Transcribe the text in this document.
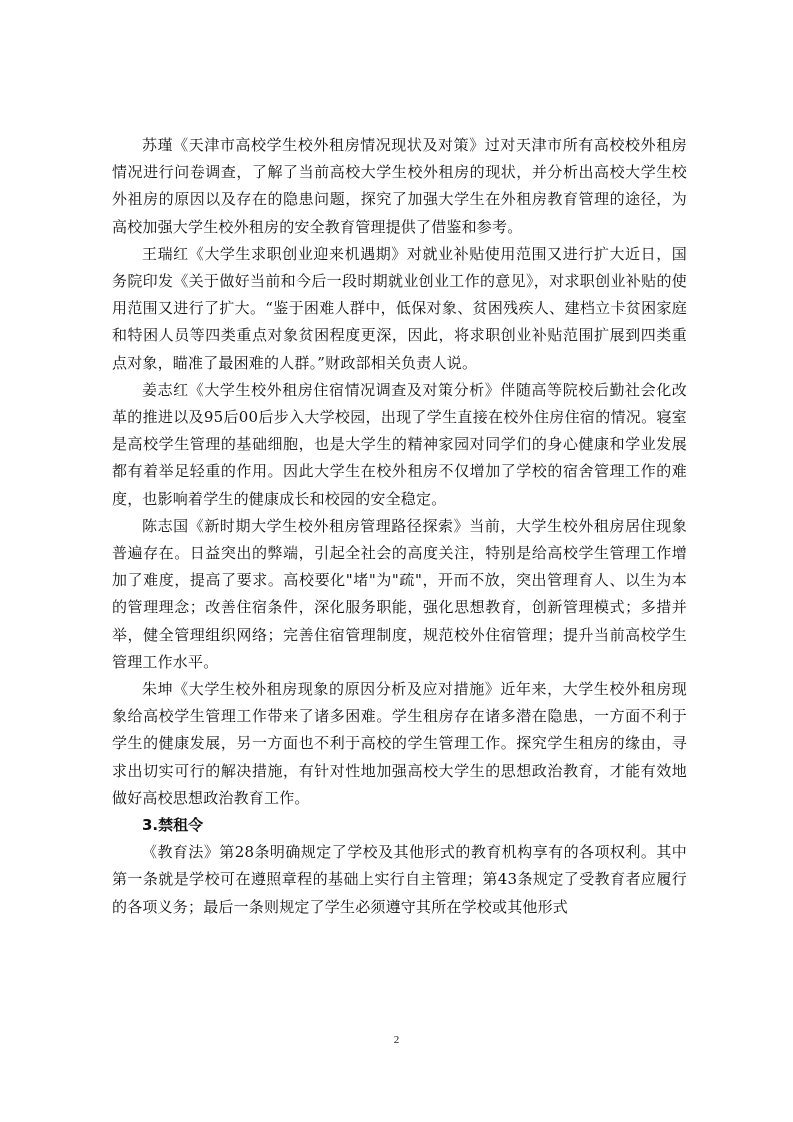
苏瑾《天津市高校学生校外租房情况现状及对策》过对天津市所有高校校外租房情况进行问卷调查，了解了当前高校大学生校外租房的现状，并分析出高校大学生校外祖房的原因以及存在的隐患问题，探究了加强大学生在外租房教育管理的途径，为高校加强大学生校外租房的安全教育管理提供了借鉴和参考。

王瑞红《大学生求职创业迎来机遇期》对就业补贴使用范围又进行扩大近日，国务院印发《关于做好当前和今后一段时期就业创业工作的意见》，对求职创业补贴的使用范围又进行了扩大。“鉴于困难人群中，低保对象、贫困残疾人、建档立卡贫困家庭和特困人员等四类重点对象贫困程度更深，因此，将求职创业补贴范围扩展到四类重点对象，瞄准了最困难的人群。”财政部相关负责人说。

姜志红《大学生校外租房住宿情况调查及对策分析》伴随高等院校后勤社会化改革的推进以及95后00后步入大学校园，出现了学生直接在校外住房住宿的情况。寝室是高校学生管理的基础细胞，也是大学生的精神家园对同学们的身心健康和学业发展都有着举足轻重的作用。因此大学生在校外租房不仅增加了学校的宿舍管理工作的难度，也影响着学生的健康成长和校园的安全稳定。

陈志国《新时期大学生校外租房管理路径探索》当前，大学生校外租房居住现象普遍存在。日益突出的弊端，引起全社会的高度关注，特别是给高校学生管理工作增加了难度，提高了要求。高校要化"堵"为"疏"，开而不放，突出管理育人、以生为本的管理理念；改善住宿条件，深化服务职能，强化思想教育，创新管理模式；多措并举，健全管理组织网络；完善住宿管理制度，规范校外住宿管理；提升当前高校学生管理工作水平。

朱坤《大学生校外租房现象的原因分析及应对措施》近年来，大学生校外租房现象给高校学生管理工作带来了诸多困难。学生租房存在诸多潜在隐患，一方面不利于学生的健康发展，另一方面也不利于高校的学生管理工作。探究学生租房的缘由，寻求出切实可行的解决措施，有针对性地加强高校大学生的思想政治教育，才能有效地做好高校思想政治教育工作。

3.禁租令

《教育法》第28条明确规定了学校及其他形式的教育机构享有的各项权利。其中第一条就是学校可在遵照章程的基础上实行自主管理；第43条规定了受教育者应履行的各项义务；最后一条则规定了学生必须遵守其所在学校或其他形式

2
